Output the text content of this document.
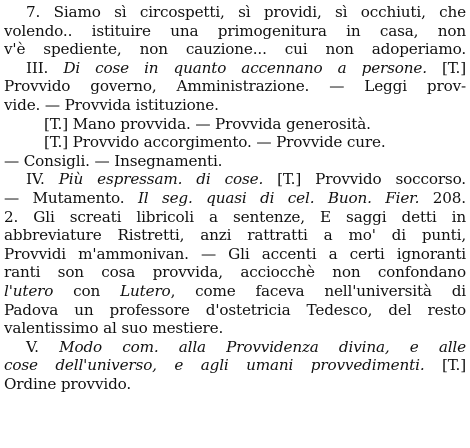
7. Siamo sì circospetti, sì providi, sì occhiuti, che
volendo.. istituire una primogenitura in casa, non
v'è spediente, non cauzione... cui non adoperiamo.
III. Di cose in quanto accennano a persone. [T.]
Provvido governo, Amministrazione. — Leggi prov-
vide. — Provvida istituzione.
[T.] Mano provvida. — Provvida generosità.
[T.] Provvido accorgimento. — Provvide cure.
— Consigli. — Insegnamenti.
IV. Più espressam. di cose. [T.] Provvido soccorso.
— Mutamento. Il seg. quasi di cel. Buon. Fier. 208.
2. Gli screati libricoli a sentenze, E saggi detti in
abbreviature Ristretti, anzi rattratti a mo' di punti,
Provvidi m'ammonivan. — Gli accenti a certi ignoranti
ranti son cosa provvida, acciocchè non confondano
l'utero con Lutero, come faceva nell'università di
Padova un professore d'ostetricia Tedesco, del resto
valentissimo al suo mestiere.
V. Modo com. alla Provvidenza divina, e alle
cose dell'universo, e agli umani provvedimenti. [T.]
Ordine provvido.
